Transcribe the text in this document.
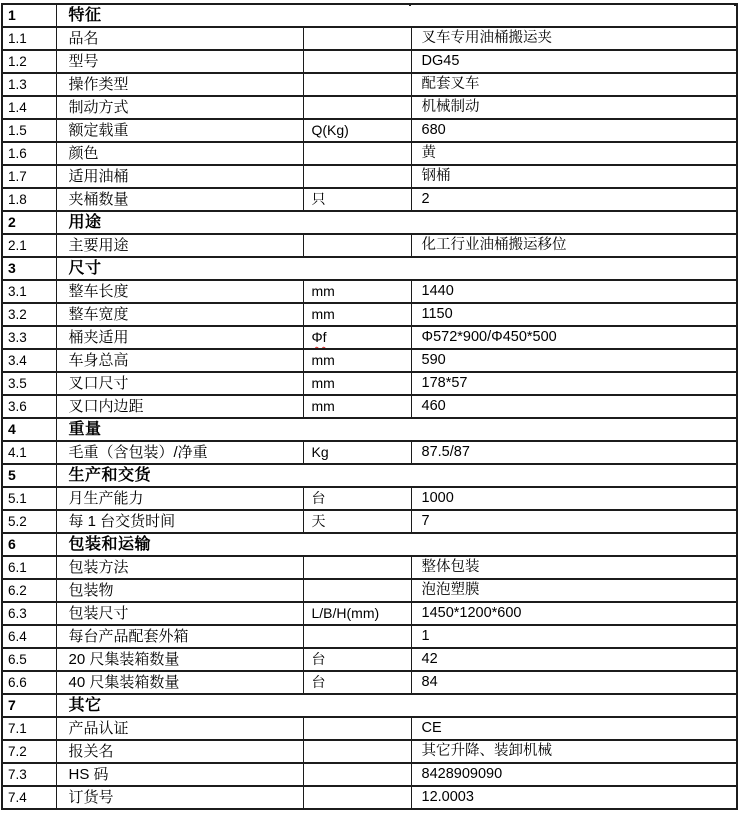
1	特征		
1.1	品名		叉车专用油桶搬运夹
1.2	型号		DG45
1.3	操作类型		配套叉车
1.4	制动方式		机械制动
1.5	额定载重	Q(Kg)	680
1.6	颜色		黄
1.7	适用油桶		钢桶
1.8	夹桶数量	只	2
2	用途		
2.1	主要用途		化工行业油桶搬运移位
3	尺寸		
3.1	整车长度	mm	1440
3.2	整车宽度	mm	1150
3.3	桶夹适用	Φf	Φ572*900/Φ450*500
3.4	车身总高	mm	590
3.5	叉口尺寸	mm	178*57
3.6	叉口内边距	mm	460
4	重量		
4.1	毛重（含包装）/净重	Kg	87.5/87
5	生产和交货		
5.1	月生产能力	台	1000
5.2	每 1 台交货时间	天	7
6	包装和运输		
6.1	包装方法		整体包装
6.2	包装物		泡泡塑膜
6.3	包装尺寸	L/B/H(mm)	1450*1200*600
6.4	每台产品配套外箱		1
6.5	20 尺集装箱数量	台	42
6.6	40 尺集装箱数量	台	84
7	其它		
7.1	产品认证		CE
7.2	报关名		其它升降、装卸机械
7.3	HS 码		8428909090
7.4	订货号		12.0003
